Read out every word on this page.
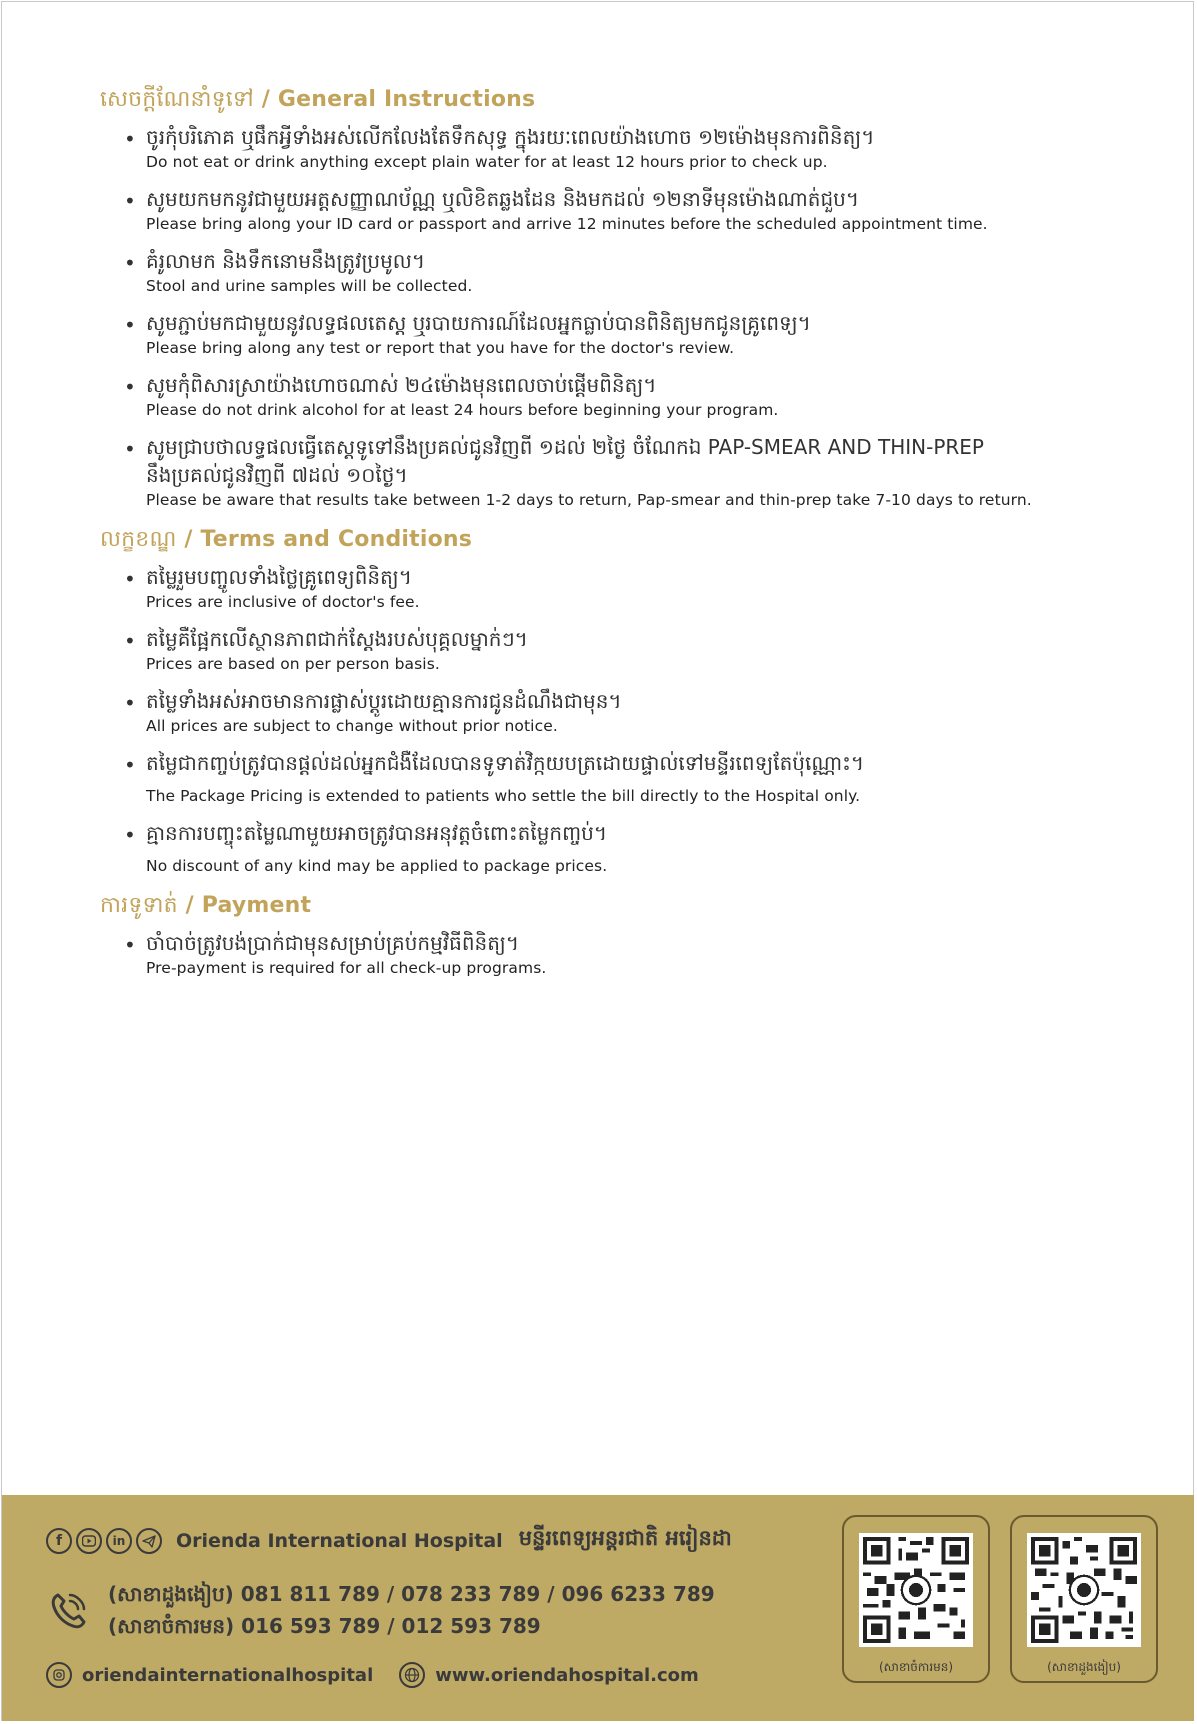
សេចក្តីណែនាំទូទៅ / General Instructions
• ចូរកុំបរិភោគ ឬផឹកអ្វីទាំងអស់លើកលែងតែទឹកសុទ្ធ ក្នុងរយៈពេលយ៉ាងហោច ១២ម៉ោងមុនការពិនិត្យ។
Do not eat or drink anything except plain water for at least 12 hours prior to check up.
• សូមយកមកនូវជាមួយអត្តសញ្ញាណប័ណ្ណ ឬលិខិតឆ្លងដែន និងមកដល់ ១២នាទីមុនម៉ោងណាត់ជួប។
Please bring along your ID card or passport and arrive 12 minutes before the scheduled appointment time.
• គំរូលាមក និងទឹកនោមនឹងត្រូវប្រមូល។
Stool and urine samples will be collected.
• សូមភ្ជាប់មកជាមួយនូវលទ្ធផលតេស្ត ឬរបាយការណ៍ដែលអ្នកធ្លាប់បានពិនិត្យមកជូនគ្រូពេទ្យ។
Please bring along any test or report that you have for the doctor's review.
• សូមកុំពិសារស្រាយ៉ាងហោចណាស់ ២៤ម៉ោងមុនពេលចាប់ផ្តើមពិនិត្យ។
Please do not drink alcohol for at least 24 hours before beginning your program.
• សូមជ្រាបថាលទ្ធផលធ្វើតេស្តទូទៅនឹងប្រគល់ជូនវិញពី ១ដល់ ២ថ្ងៃ ចំណែកឯ PAP-SMEAR AND THIN-PREP
នឹងប្រគល់ជូនវិញពី ៧ដល់ ១០ថ្ងៃ។
Please be aware that results take between 1-2 days to return, Pap-smear and thin-prep take 7-10 days to return.
លក្ខខណ្ឌ / Terms and Conditions
• តម្លៃរួមបញ្ចូលទាំងថ្លៃគ្រូពេទ្យពិនិត្យ។
Prices are inclusive of doctor's fee.
• តម្លៃគឺផ្អែកលើស្ថានភាពជាក់ស្តែងរបស់បុគ្គលម្នាក់ៗ។
Prices are based on per person basis.
• តម្លៃទាំងអស់អាចមានការផ្លាស់ប្តូរដោយគ្មានការជូនដំណឹងជាមុន។
All prices are subject to change without prior notice.
• តម្លៃជាកញ្ចប់ត្រូវបានផ្តល់ដល់អ្នកជំងឺដែលបានទូទាត់វិក្កយបត្រដោយផ្ទាល់ទៅមន្ទីរពេទ្យតែប៉ុណ្ណោះ។
The Package Pricing is extended to patients who settle the bill directly to the Hospital only.
• គ្មានការបញ្ចុះតម្លៃណាមួយអាចត្រូវបានអនុវត្តចំពោះតម្លៃកញ្ចប់។
No discount of any kind may be applied to package prices.
ការទូទាត់ / Payment
• ចាំបាច់ត្រូវបង់ប្រាក់ជាមុនសម្រាប់គ្រប់កម្មវិធីពិនិត្យ។
Pre-payment is required for all check-up programs.
f	in	Orienda International Hospital មន្ទីរពេទ្យអន្តរជាតិ អរៀនដា
(សាខាដួងងៀប) 081 811 789 / 078 233 789 / 096 6233 789
(សាខាចំការមន) 016 593 789 / 012 593 789
oriendainternationalhospital	www.oriendahospital.com	(សាខាចំការមន)	(សាខាដួងងៀប)
